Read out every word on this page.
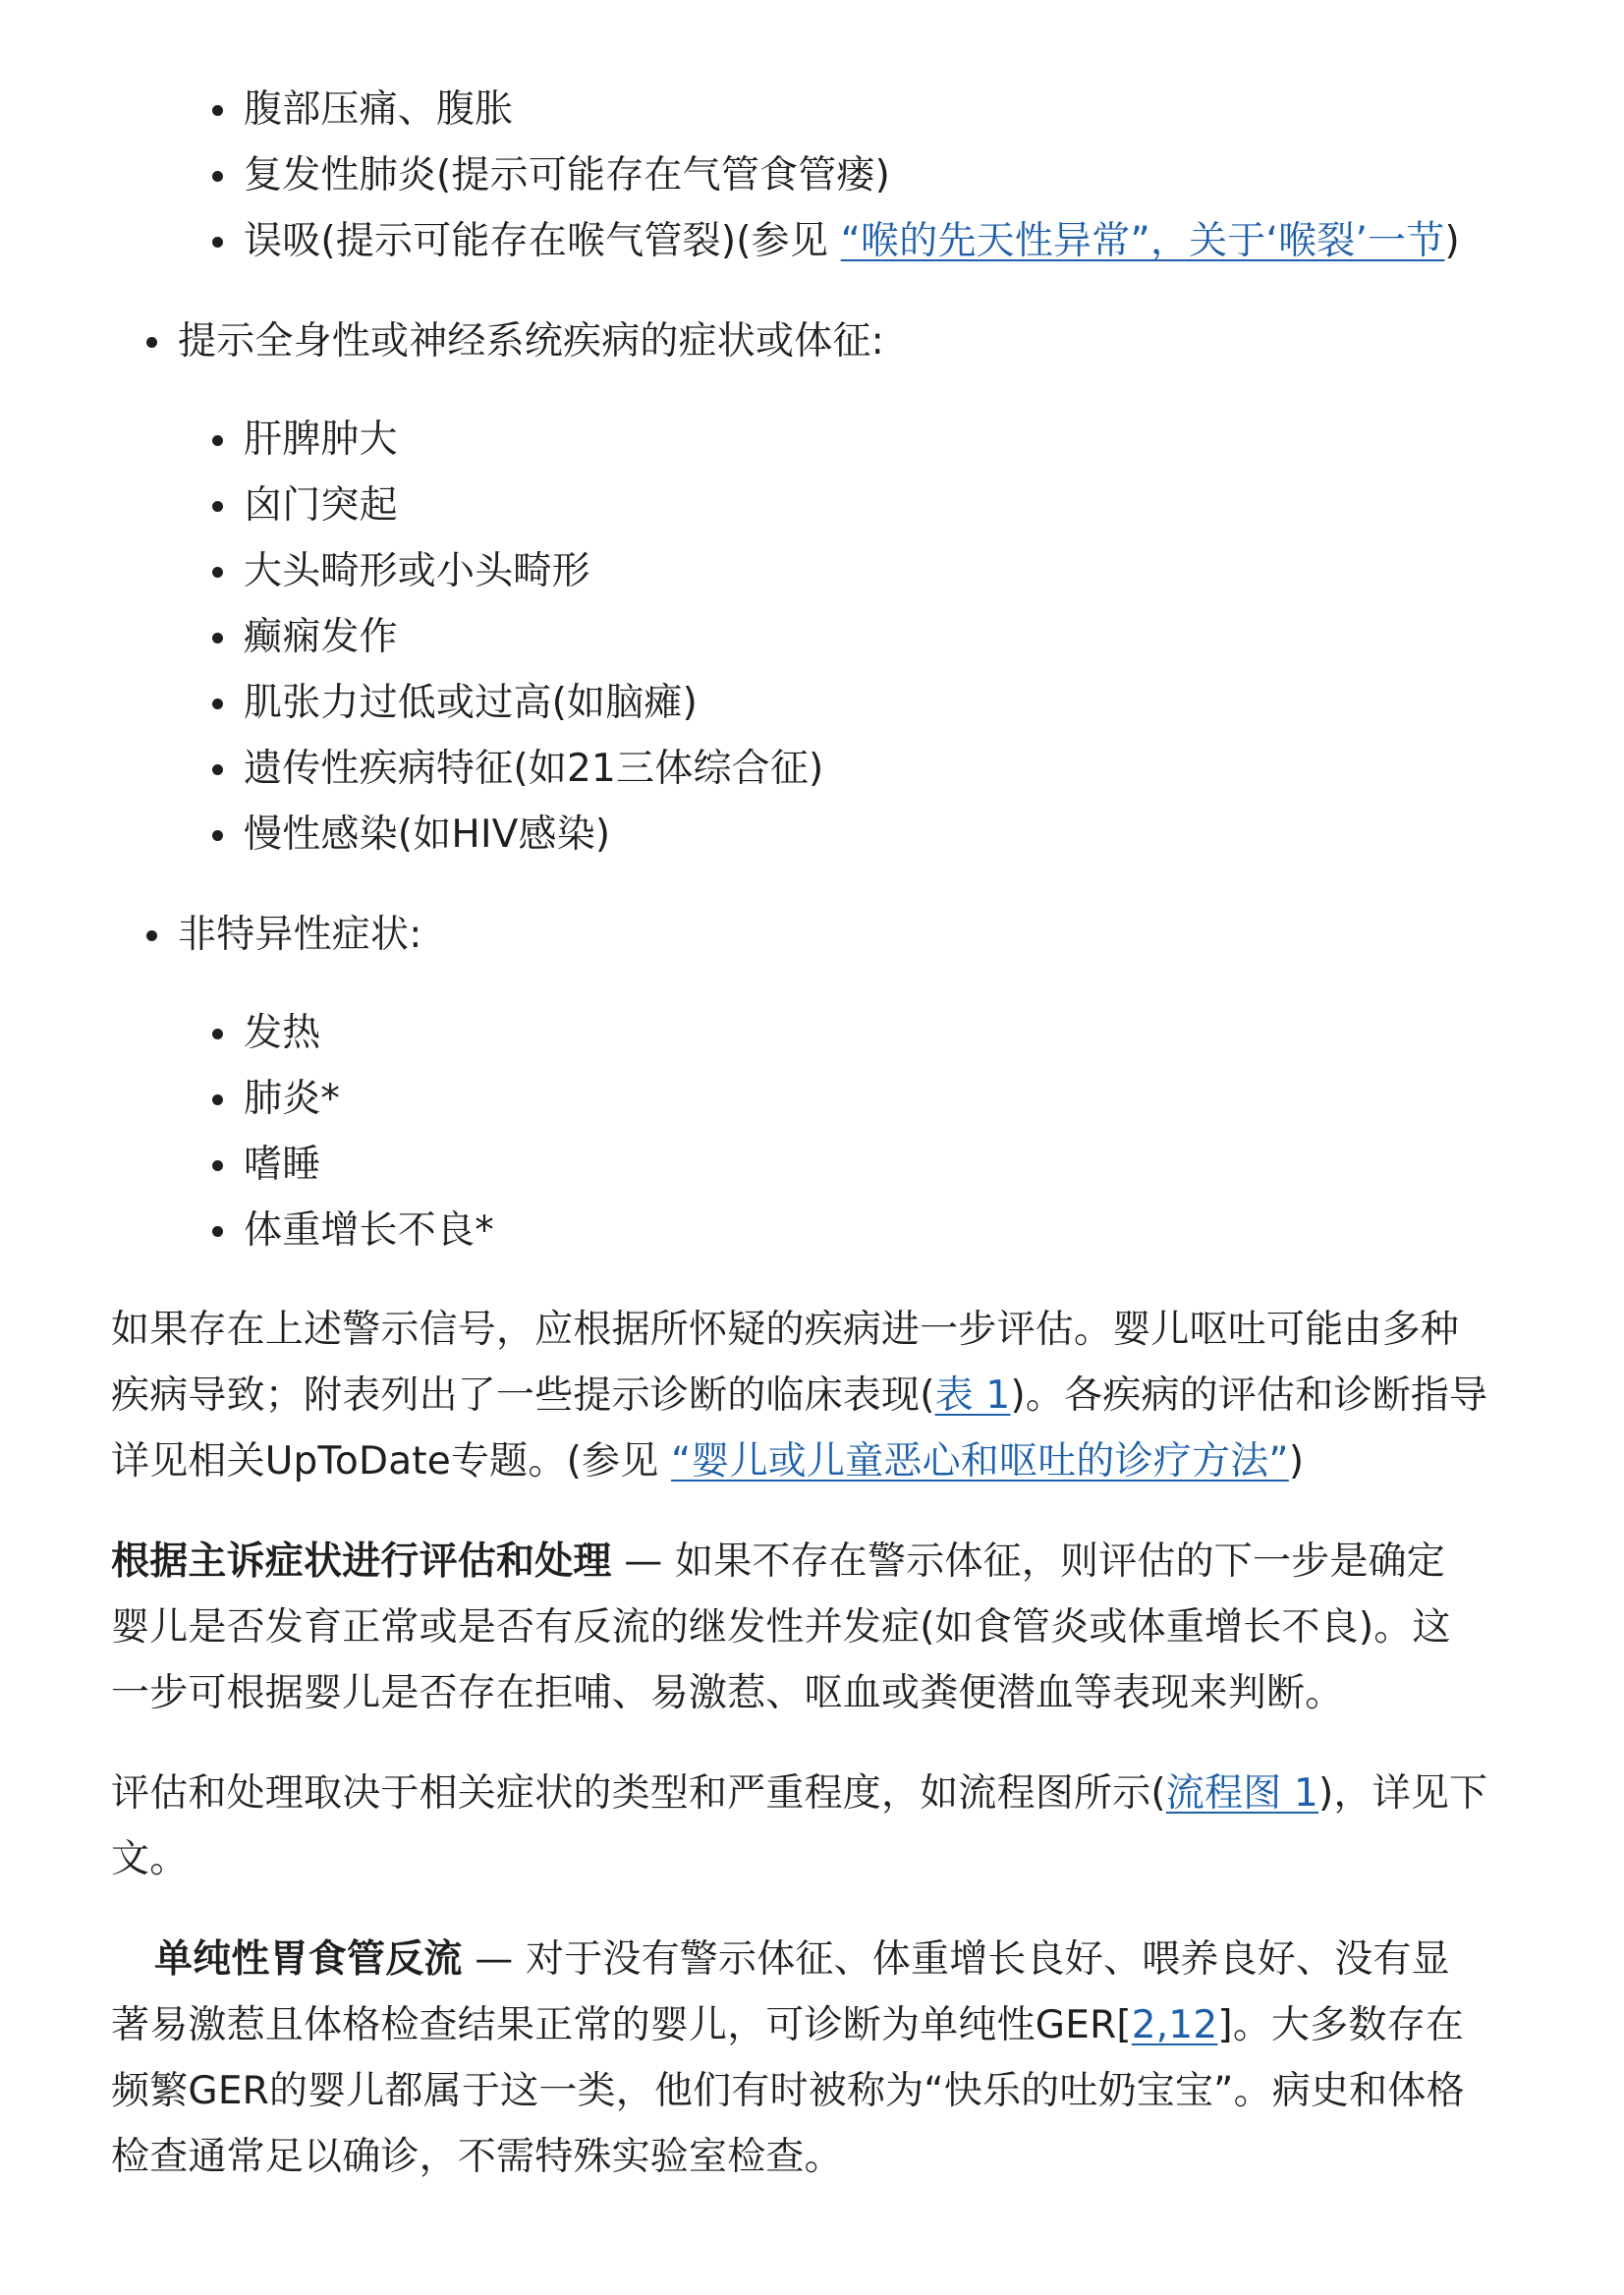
腹部压痛、腹胀
复发性肺炎(提示可能存在气管食管瘘)
误吸(提示可能存在喉气管裂)(参见 “喉的先天性异常”，关于‘喉裂’一节)
提示全身性或神经系统疾病的症状或体征:
肝脾肿大
囟门突起
大头畸形或小头畸形
癫痫发作
肌张力过低或过高(如脑瘫)
遗传性疾病特征(如21三体综合征)
慢性感染(如HIV感染)
非特异性症状:
发热
肺炎*
嗜睡
体重增长不良*
如果存在上述警示信号，应根据所怀疑的疾病进一步评估。婴儿呕吐可能由多种
疾病导致；附表列出了一些提示诊断的临床表现(表 1)。各疾病的评估和诊断指导
详见相关UpToDate专题。(参见 “婴儿或儿童恶心和呕吐的诊疗方法”)
根据主诉症状进行评估和处理 — 如果不存在警示体征，则评估的下一步是确定
婴儿是否发育正常或是否有反流的继发性并发症(如食管炎或体重增长不良)。这
一步可根据婴儿是否存在拒哺、易激惹、呕血或粪便潜血等表现来判断。
评估和处理取决于相关症状的类型和严重程度，如流程图所示(流程图 1)，详见下
文。
单纯性胃食管反流 — 对于没有警示体征、体重增长良好、喂养良好、没有显
著易激惹且体格检查结果正常的婴儿，可诊断为单纯性GER[2,12]。大多数存在
频繁GER的婴儿都属于这一类，他们有时被称为“快乐的吐奶宝宝”。病史和体格
检查通常足以确诊，不需特殊实验室检查。
